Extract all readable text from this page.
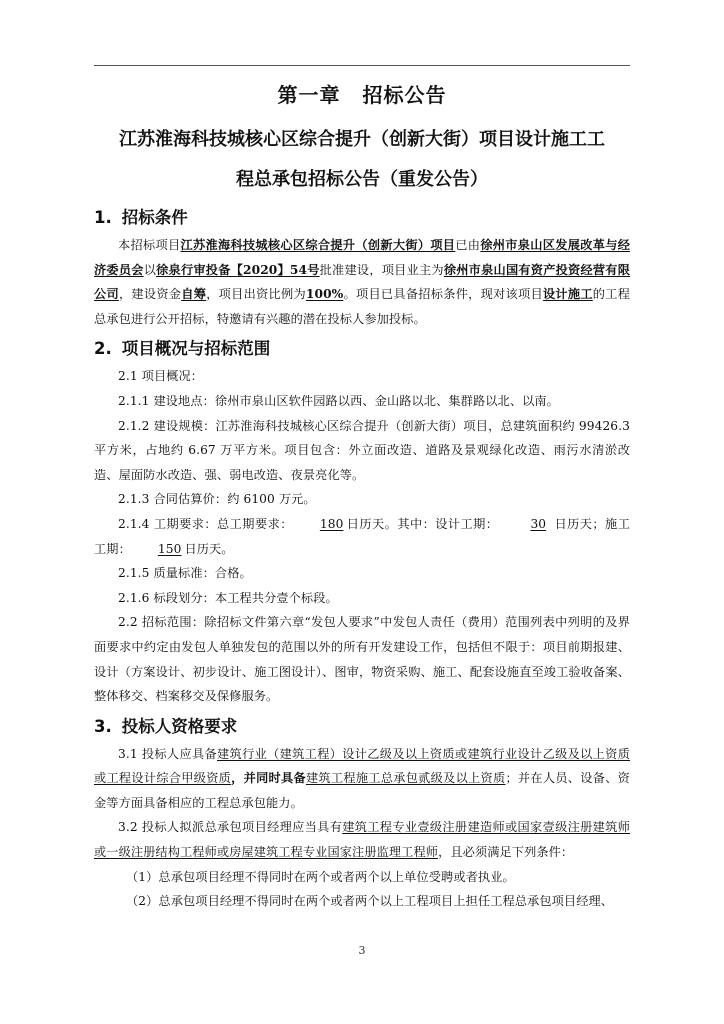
第一章 招标公告
江苏淮海科技城核心区综合提升（创新大街）项目设计施工工
程总承包招标公告（重发公告）
1. 招标条件

本招标项目江苏淮海科技城核心区综合提升（创新大街）项目已由徐州市泉山区发展改革与经济委员会以徐泉行审投备【2020】54号批准建设，项目业主为徐州市泉山国有资产投资经营有限公司，建设资金自筹，项目出资比例为100%。项目已具备招标条件，现对该项目设计施工的工程总承包进行公开招标，特邀请有兴趣的潜在投标人参加投标。

2. 项目概况与招标范围

2.1 项目概况：

2.1.1 建设地点：徐州市泉山区软件园路以西、金山路以北、集群路以北、以南。

2.1.2 建设规模：江苏淮海科技城核心区综合提升（创新大街）项目，总建筑面积约 99426.3 平方米，占地约 6.67 万平方米。项目包含：外立面改造、道路及景观绿化改造、雨污水清淤改造、屋面防水改造、强、弱电改造、夜景亮化等。

2.1.3 合同估算价：约 6100 万元。

2.1.4 工期要求：总工期要求： 180 日历天。其中：设计工期：	30 日历天；施工工期： 150 日历天。

2.1.5 质量标准：合格。

2.1.6 标段划分：本工程共分壹个标段。

2.2 招标范围：除招标文件第六章“发包人要求”中发包人责任（费用）范围列表中列明的及界面要求中约定由发包人单独发包的范围以外的所有开发建设工作，包括但不限于：项目前期报建、设计（方案设计、初步设计、施工图设计）、图审，物资采购、施工、配套设施直至竣工验收备案、整体移交、档案移交及保修服务。

3. 投标人资格要求

3.1 投标人应具备建筑行业（建筑工程）设计乙级及以上资质或建筑行业设计乙级及以上资质或工程设计综合甲级资质，并同时具备建筑工程施工总承包贰级及以上资质；并在人员、设备、资金等方面具备相应的工程总承包能力。

3.2 投标人拟派总承包项目经理应当具有建筑工程专业壹级注册建造师或国家壹级注册建筑师或一级注册结构工程师或房屋建筑工程专业国家注册监理工程师，且必须满足下列条件：

（1）总承包项目经理不得同时在两个或者两个以上单位受聘或者执业。

（2）总承包项目经理不得同时在两个或者两个以上工程项目上担任工程总承包项目经理、

3
